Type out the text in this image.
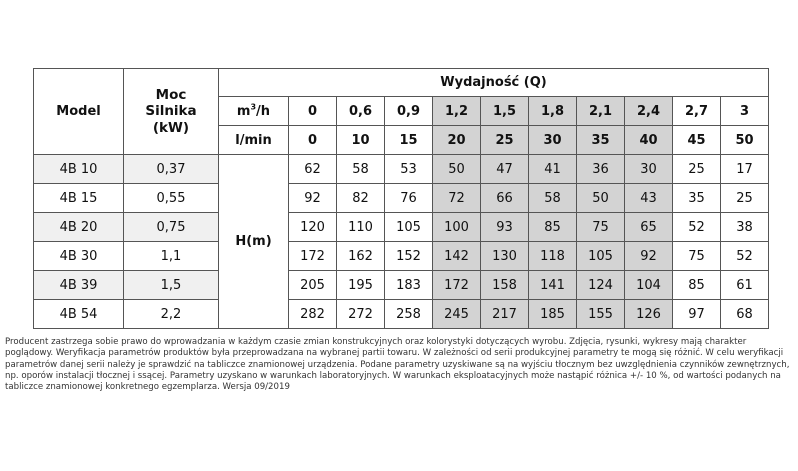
Model	Moc
Silnika
(kW)	Wydajność (Q)										
		$m^3/h$	0	0,6	0,9	1,2	1,5	1,8	2,1	2,4	2,7	3
		l/min	0	10	15	20	25	30	35	40	45	50
4B 10	0,37	H(m)	62	58	53	50	47	41	36	30	25	17
4B 15	0,55		92	82	76	72	66	58	50	43	35	25
4B 20	0,75		120	110	105	100	93	85	75	65	52	38
4B 30	1,1		172	162	152	142	130	118	105	92	75	52
4B 39	1,5		205	195	183	172	158	141	124	104	85	61
4B 54	2,2		282	272	258	245	217	185	155	126	97	68

Producent zastrzega sobie prawo do wprowadzania w każdym czasie zmian konstrukcyjnych oraz kolorystyki dotyczących wyrobu. Zdjęcia, rysunki, wykresy mają charakter poglądowy. Weryfikacja parametrów produktów była przeprowadzana na wybranej partii towaru. W zależności od serii produkcyjnej parametry te mogą się różnić. W celu weryfikacji parametrów danej serii należy je sprawdzić na tabliczce znamionowej urządzenia. Podane parametry uzyskiwane są na wyjściu tłocznym bez uwzględnienia czynników zewnętrznych, np. oporów instalacji tłocznej i ssącej. Parametry uzyskano w warunkach laboratoryjnych. W warunkach eksploatacyjnych może nastąpić różnica +/- 10 %, od wartości podanych na tabliczce znamionowej konkretnego egzemplarza. Wersja 09/2019
